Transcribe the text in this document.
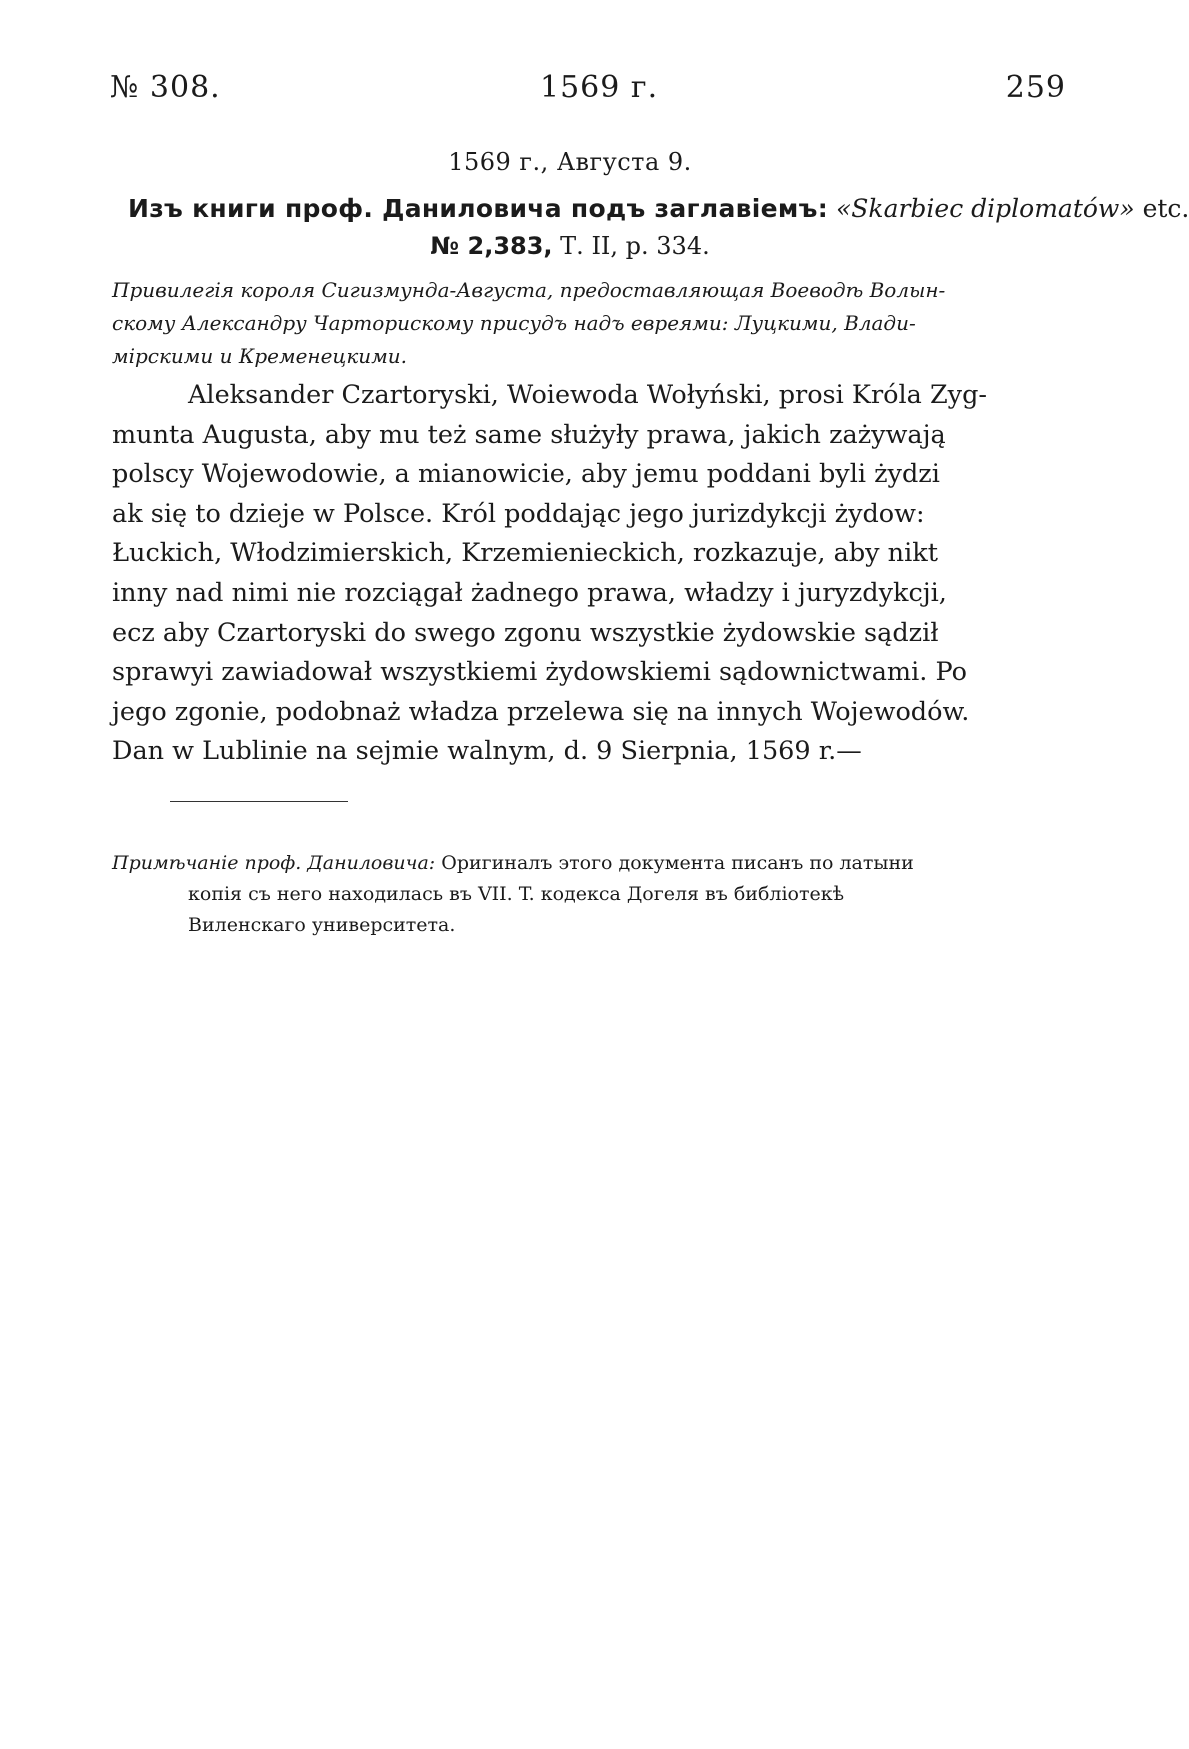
№ 308.	1569 г.	259
1569 г., Августа 9.
Изъ книги проф. Даниловича подъ заглавiемъ: «Skarbiec diplomatów» etc.
№ 2,383, Т. II, p. 334.
Привилегiя короля Сигизмунда-Августа, предоставляющая Воеводѣ Волын-
скому Александру Чарторискому присудъ надъ евреями: Луцкими, Влади-
мiрскими и Кременецкими.
Aleksander Czartoryski, Woiewoda Wołyński, prosi Króla Zyg-
munta Augusta, aby mu też same służyły prawa, jakich zażywają
polscy Wojewodowie, a mianowicie, aby jemu poddani byli żydzi
ak się to dzieje w Polsce. Król poddając jego jurizdykcji żydow:
Łuckich, Włodzimierskich, Krzemienieckich, rozkazuje, aby nikt
inny nad nimi nie rozciągał żadnego prawa, władzy i juryzdykcji,
ecz aby Czartoryski do swego zgonu wszystkie żydowskie sądził
sprawyi zawiadował wszystkiemi żydowskiemi sądownictwami. Po
jego zgonie, podobnaż władza przelewa się na innych Wojewodów.
Dan w Lublinie na sejmie walnym, d. 9 Sierpnia, 1569 r.—
Примѣчанiе проф. Даниловича: Оригиналъ этого документа писанъ по латыни
копiя съ него находилась въ VII. T. кодекса Догеля въ библiотекѣ
Виленскаго университета.
